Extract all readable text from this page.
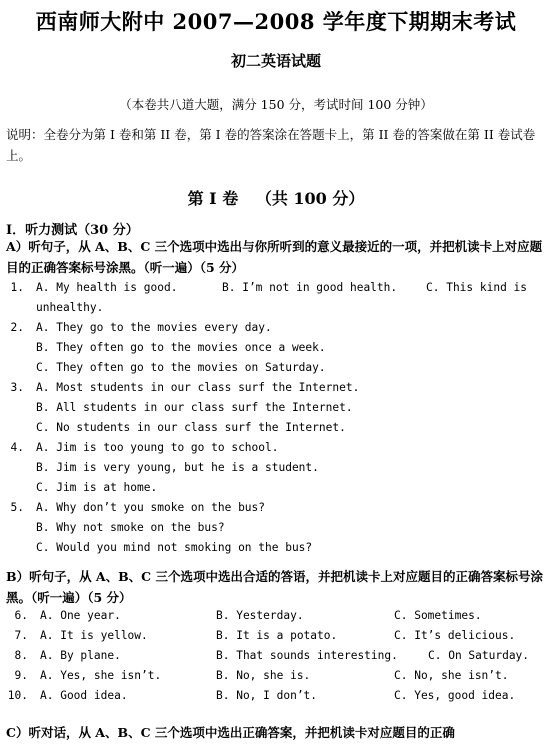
西南师大附中 2007—2008 学年度下期期末考试
初二英语试题
（本卷共八道大题，满分 150 分，考试时间 100 分钟）
说明：全卷分为第 I 卷和第 II 卷，第 I 卷的答案涂在答题卡上，第 II 卷的答案做在第 II 卷试卷上。
第 I 卷 （共 100 分）
I．听力测试（30 分）
A）听句子，从 A、B、C 三个选项中选出与你所听到的意义最接近的一项，并把机读卡上对应题目的正确答案标号涂黑。（听一遍）（5 分）
1. A. My health is good.	B. I’m not in good health.	C. This kind is
unhealthy.
2. A. They go to the movies every day.
B. They often go to the movies once a week.
C. They often go to the movies on Saturday.
3. A. Most students in our class surf the Internet.
B. All students in our class surf the Internet.
C. No students in our class surf the Internet.
4. A. Jim is too young to go to school.
B. Jim is very young, but he is a student.
C. Jim is at home.
5. A. Why don’t you smoke on the bus?
B. Why not smoke on the bus?
C. Would you mind not smoking on the bus?
B）听句子，从 A、B、C 三个选项中选出合适的答语，并把机读卡上对应题目的正确答案标号涂黑。（听一遍）（5 分）
6. A. One year.	B. Yesterday.	C. Sometimes.
7. A. It is yellow.	B. It is a potato.	C. It’s delicious.
8. A. By plane.	B. That sounds interesting.	C. On Saturday.
9. A. Yes, she isn’t.	B. No, she is.	C. No, she isn’t.
10. A. Good idea.	B. No, I don’t.	C. Yes, good idea.
C）听对话，从 A、B、C 三个选项中选出正确答案，并把机读卡对应题目的正确
